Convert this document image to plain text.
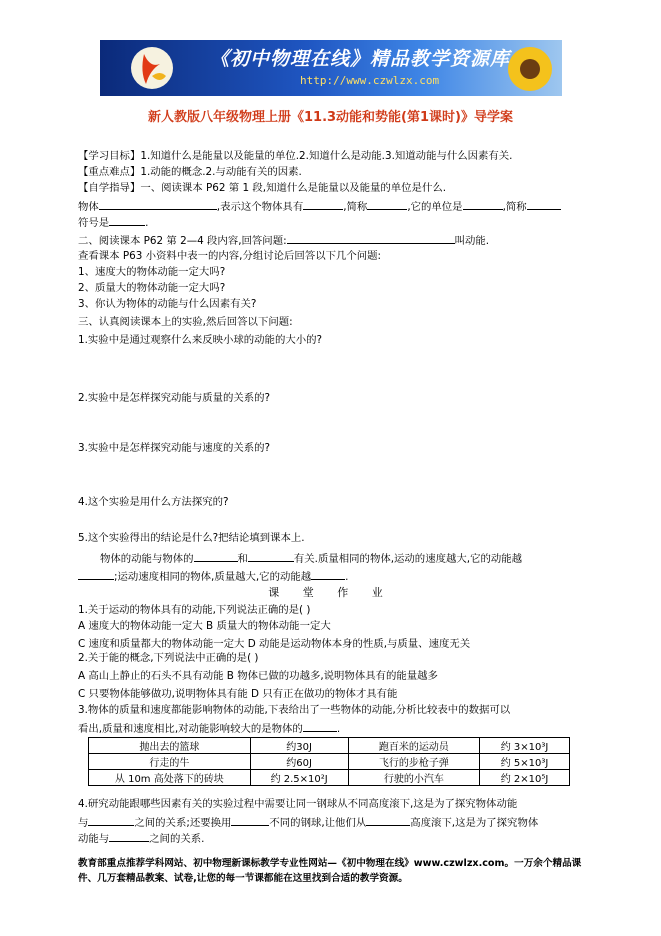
《初中物理在线》精品教学资源库
http://www.czwlzx.com
新人教版八年级物理上册《11.3动能和势能(第1课时)》导学案
【学习目标】1.知道什么是能量以及能量的单位.2.知道什么是动能.3.知道动能与什么因素有关.
【重点难点】1.动能的概念.2.与动能有关的因素.
【自学指导】一、阅读课本 P62 第 1 段,知道什么是能量以及能量的单位是什么.
物体	,表示这个物体具有	,简称	,它的单位是	,简称
符号是	.
二、阅读课本 P62 第 2—4 段内容,回答问题:	叫动能.
查看课本 P63 小资料中表一的内容,分组讨论后回答以下几个问题:
1、速度大的物体动能一定大吗?
2、质量大的物体动能一定大吗?
3、你认为物体的动能与什么因素有关?
三、认真阅读课本上的实验,然后回答以下问题:
1.实验中是通过观察什么来反映小球的动能的大小的?
2.实验中是怎样探究动能与质量的关系的?
3.实验中是怎样探究动能与速度的关系的?
4.这个实验是用什么方法探究的?
5.这个实验得出的结论是什么?把结论填到课本上.
物体的动能与物体的	和	有关.质量相同的物体,运动的速度越大,它的动能越
;运动速度相同的物体,质量越大,它的动能越	.
1.关于运动的物体具有的动能,下列说法正确的是( )
A 速度大的物体动能一定大 B 质量大的物体动能一定大
C 速度和质量都大的物体动能一定大 D 动能是运动物体本身的性质,与质量、速度无关
2.关于能的概念,下列说法中正确的是( )
A 高山上静止的石头不具有动能 B 物体已做的功越多,说明物体具有的能量越多
C 只要物体能够做功,说明物体具有能 D 只有正在做功的物体才具有能
3.物体的质量和速度都能影响物体的动能,下表给出了一些物体的动能,分析比较表中的数据可以
看出,质量和速度相比,对动能影响较大的是物体的	.
4.研究动能跟哪些因素有关的实验过程中需要让同一钢球从不同高度滚下,这是为了探究物体动能
与	之间的关系;还要换用	不同的钢球,让他们从	高度滚下,这是为了探究物体
动能与	之间的关系.
课 堂 作 业
抛出去的篮球	约30J	跑百米的运动员	约 3×10³J
行走的牛	约60J	飞行的步枪子弹	约 5×10³J
从 10m 高处落下的砖块	约 2.5×10²J	行驶的小汽车	约 2×10⁵J
教育部重点推荐学科网站、初中物理新课标教学专业性网站—《初中物理在线》www.czwlzx.com。一万余个精品课件、几万套精品教案、试卷,让您的每一节课都能在这里找到合适的教学资源。
